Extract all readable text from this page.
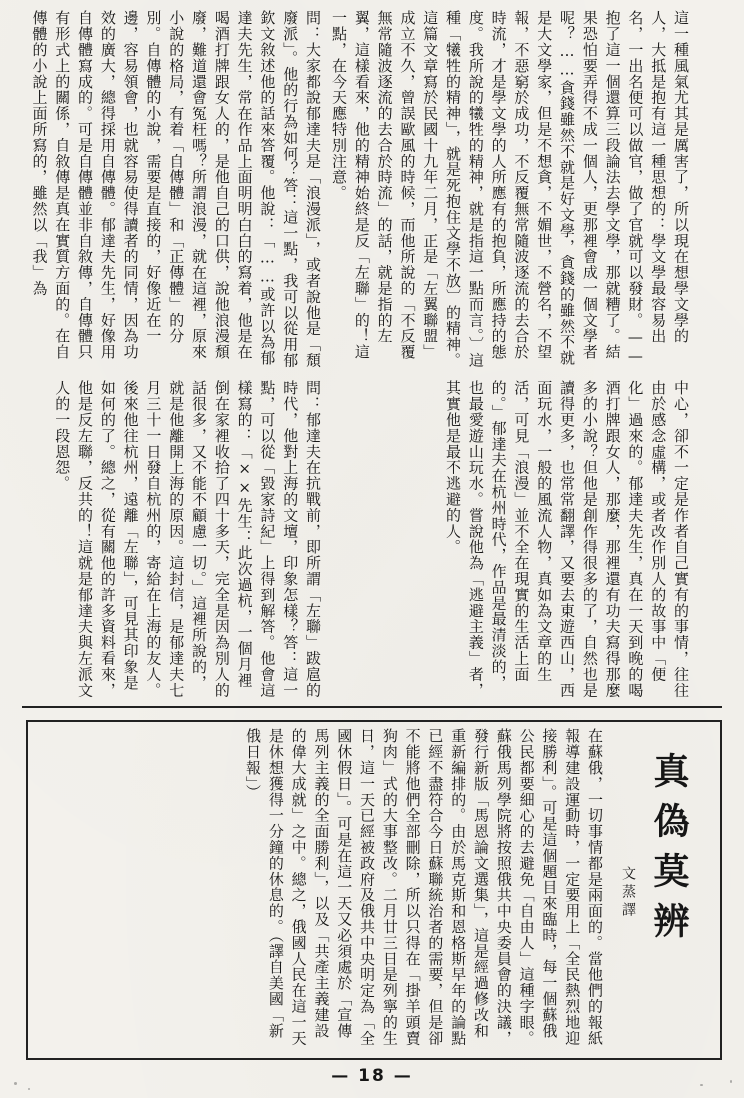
這一種風氣尤其是厲害了，所以現在想學文學的人，大抵是抱有這一種思想的：學文學最容易出名，一出名便可以做官，做了官就可以發財。——抱了這一個還算三段論法去學文學，那就糟了。結果恐怕要弄得不成一個人，更那裡會成一個文學者呢？……貪錢雖然不就是好文學，貪錢的雖然不就是大文學家，但是不想貪，不媚世，不營名，不望報，不惡窮於成功，不反覆無常隨波逐流的去合於時流，才是學文學的人所應有的抱負，所應持的態度。我所說的犧牲的精神，就是指這一點而言。〕這種「犧牲的精神」，就是死抱住文學不放〕的精神。這篇文章寫於民國十九年二月，正是「左翼聯盟」成立不久，曾誤歐風的時候，而他所說的「不反覆無常隨波逐流的去合於時流」的話，就是指的左翼，這樣看來，他的精神始終是反「左聯」的！這一點，在今天應特別注意。
問：大家都說郁達夫是「浪漫派」，或者說他是「頹廢派」。他的行為如何？答：這一點，我可以從用郁欽文敘述他的話來答覆。他說：「……或許以為郁達夫先生，常在作品上面明明白白的寫着，他是在喝酒打牌跟女人的，是他自己的口供，說他浪漫頹廢，難道還會冤枉嗎？所謂浪漫，就在這裡，原來小說的格局，有着「自傳體」和「正傳體」的分別。自傳體的小說，需要是直接的，好像近在一邊，容易領會，也就容易使得讀者的同情，因為功效的廣大，總得採用自傳體。郁達夫先生，好像用自傳體寫成的。可是自傳體並非自敘傳，自傳體只有形式上的關係，自敘傳是真在實質方面的。在自傳體的小說上面所寫的，雖然以「我」為
中心，卻不一定是作者自己實有的事情，往往由於感念虛構，或者改作別人的故事中「便化」過來的。郁達夫先生，真在一天到晚的喝酒打牌跟女人，那麼，那裡還有功夫寫得那麼多的小說？但他是創作得很多的了，自然也是讀得更多，也常常翻譯，又要去東遊西山，西面玩水，一般的風流人物，真如為文章的生活，可見「浪漫」並不全在現實的生活上面的。」郁達夫在杭州時代，作品是最清淡的，也最愛遊山玩水。嘗說他為「逃避主義」者，其實他是最不逃避的人。
問：郁達夫在抗戰前，即所謂「左聯」跋扈的時代，他對上海的文壇，印象怎樣？答：這一點，可以從「毀家詩紀」上得到解答。他會這樣寫的：「××先生：此次過杭，一個月裡倒在家裡收拾了四十多天，完全是因為別人的話很多，又不能不顧慮一切。」這裡所說的，就是他離開上海的原因。這封信，是郁達夫七月三十一日發自杭州的，寄給在上海的友人。後來他往杭州，遠離「左聯」，可見其印象是如何的了。總之，從有關他的許多資料看來，他是反左聯，反共的！這就是郁達夫與左派文人的一段恩怨。
真偽莫辨
文蒸譯
在蘇俄，一切事情都是兩面的。當他們的報紙報導建設運動時，一定要用上「全民熱烈地迎接勝利」。可是這個題目來臨時，每一個蘇俄公民都要細心的去避免「自由人」這種字眼。蘇俄馬列學院將按照俄共中央委員會的決議，發行新版「馬恩論文選集」，這是經過修改和重新編排的。由於馬克斯和恩格斯早年的論點已經不盡符合今日蘇聯統治者的需要，但是卻不能將他們全部刪除，所以只得在「掛羊頭賣狗肉」式的大事整改。二月廿三日是列寧的生日，這一天已經被政府及俄共中央明定為「全國休假日」。可是在這一天又必須處於「宣傳馬列主義的全面勝利」，以及「共產主義建設的偉大成就」之中。總之，俄國人民在這一天是休想獲得一分鐘的休息的。（譯自美國「新俄日報」）
— 18 —
